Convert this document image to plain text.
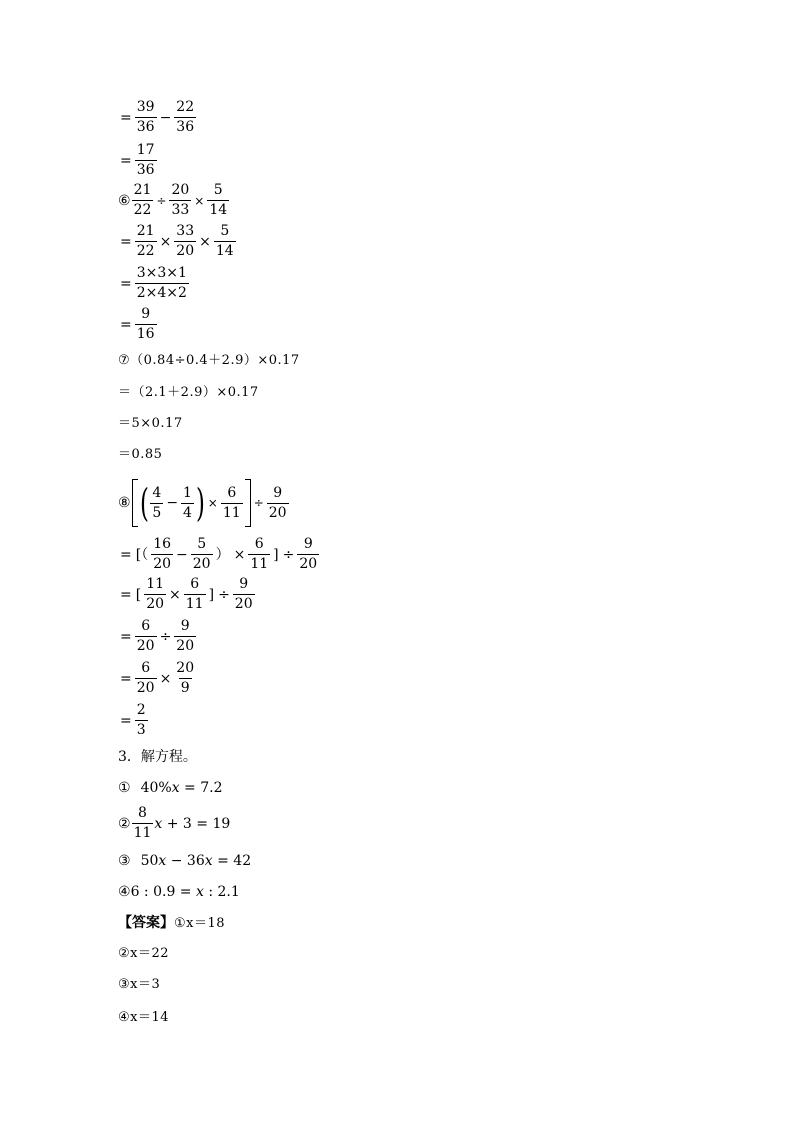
= $\frac{39}{36} - \frac{22}{36}$
= $\frac{17}{36}$
⑥ $\frac{21}{22} \div \frac{20}{33} \times \frac{5}{14}$
= $\frac{21}{22} \times \frac{33}{20} \times \frac{5}{14}$
= $\frac{3\times 3\times 1}{2\times 4\times 2}$
= $\frac{9}{16}$
⑦（0.84÷0.4＋2.9）×0.17
＝（2.1＋2.9）×0.17
＝5×0.17
＝0.85
⑧ ( $\frac{4}{5} - \frac{1}{4}$ ) × $\frac{6}{11} \div \frac{9}{20}$
= [（ $\frac{16}{20} - \frac{5}{20}$ ） × $\frac{6}{11}$ ] ÷ $\frac{9}{20}$
= [ $\frac{11}{20} \times \frac{6}{11}$ ] ÷ $\frac{9}{20}$
= $\frac{6}{20} \div \frac{9}{20}$
= $\frac{6}{20} \times \frac{20}{9}$
= $\frac{2}{3}$
3．解方程。
① 40% x = 7.2
② $\frac{8}{11}$ x + 3 = 19
③ 50 x − 36 x = 42
④ 6 : 0.9 = x : 2.1
【答案】 ①x＝18
②x＝22
③x＝3
④x＝14
